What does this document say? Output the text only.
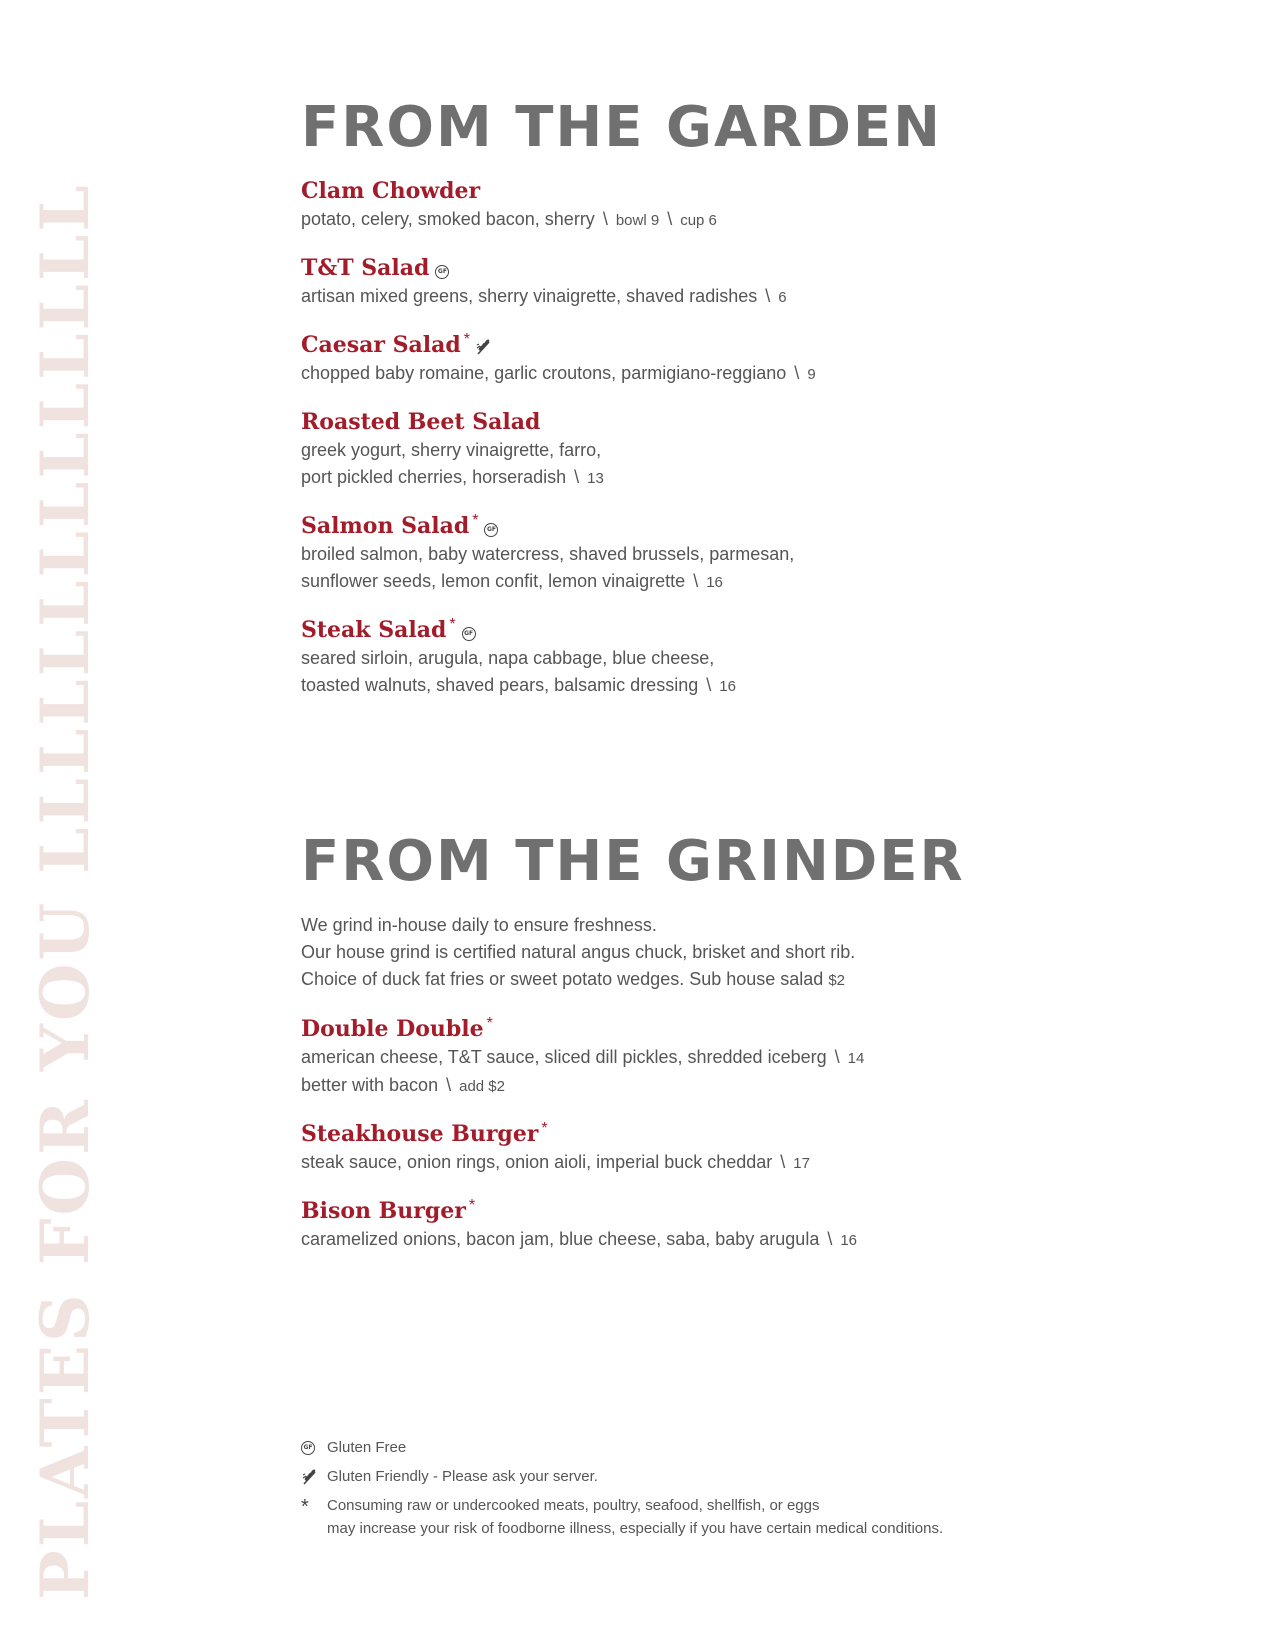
PLATES FOR YOU LLLLLLLLLLLLLL
FROM THE GARDEN
Clam Chowder

potato, celery, smoked bacon, sherry \ bowl 9 \ cup 6

T&T Salad	GF

artisan mixed greens, sherry vinaigrette, shaved radishes \ 6

Caesar Salad *

chopped baby romaine, garlic croutons, parmigiano-reggiano \ 9

Roasted Beet Salad

greek yogurt, sherry vinaigrette, farro,

port pickled cherries, horseradish \ 13

Salmon Salad *
GF

broiled salmon, baby watercress, shaved brussels, parmesan,

sunflower seeds, lemon confit, lemon vinaigrette \ 16

Steak Salad *
GF

seared sirloin, arugula, napa cabbage, blue cheese,

toasted walnuts, shaved pears, balsamic dressing \ 16

FROM THE GRINDER

We grind in-house daily to ensure freshness.

Our house grind is certified natural angus chuck, brisket and short rib.

Choice of duck fat fries or sweet potato wedges. Sub house salad $2

Double Double *

american cheese, T&T sauce, sliced dill pickles, shredded iceberg \ 14

better with bacon \ add $2

Steakhouse Burger *

steak sauce, onion rings, onion aioli, imperial buck cheddar \ 17

Bison Burger *

caramelized onions, bacon jam, blue cheese, saba, baby arugula \ 16

GF Gluten Free
Gluten Friendly - Please ask your server.
* Consuming raw or undercooked meats, poultry, seafood, shellfish, or eggs
may increase your risk of foodborne illness, especially if you have certain medical conditions.
